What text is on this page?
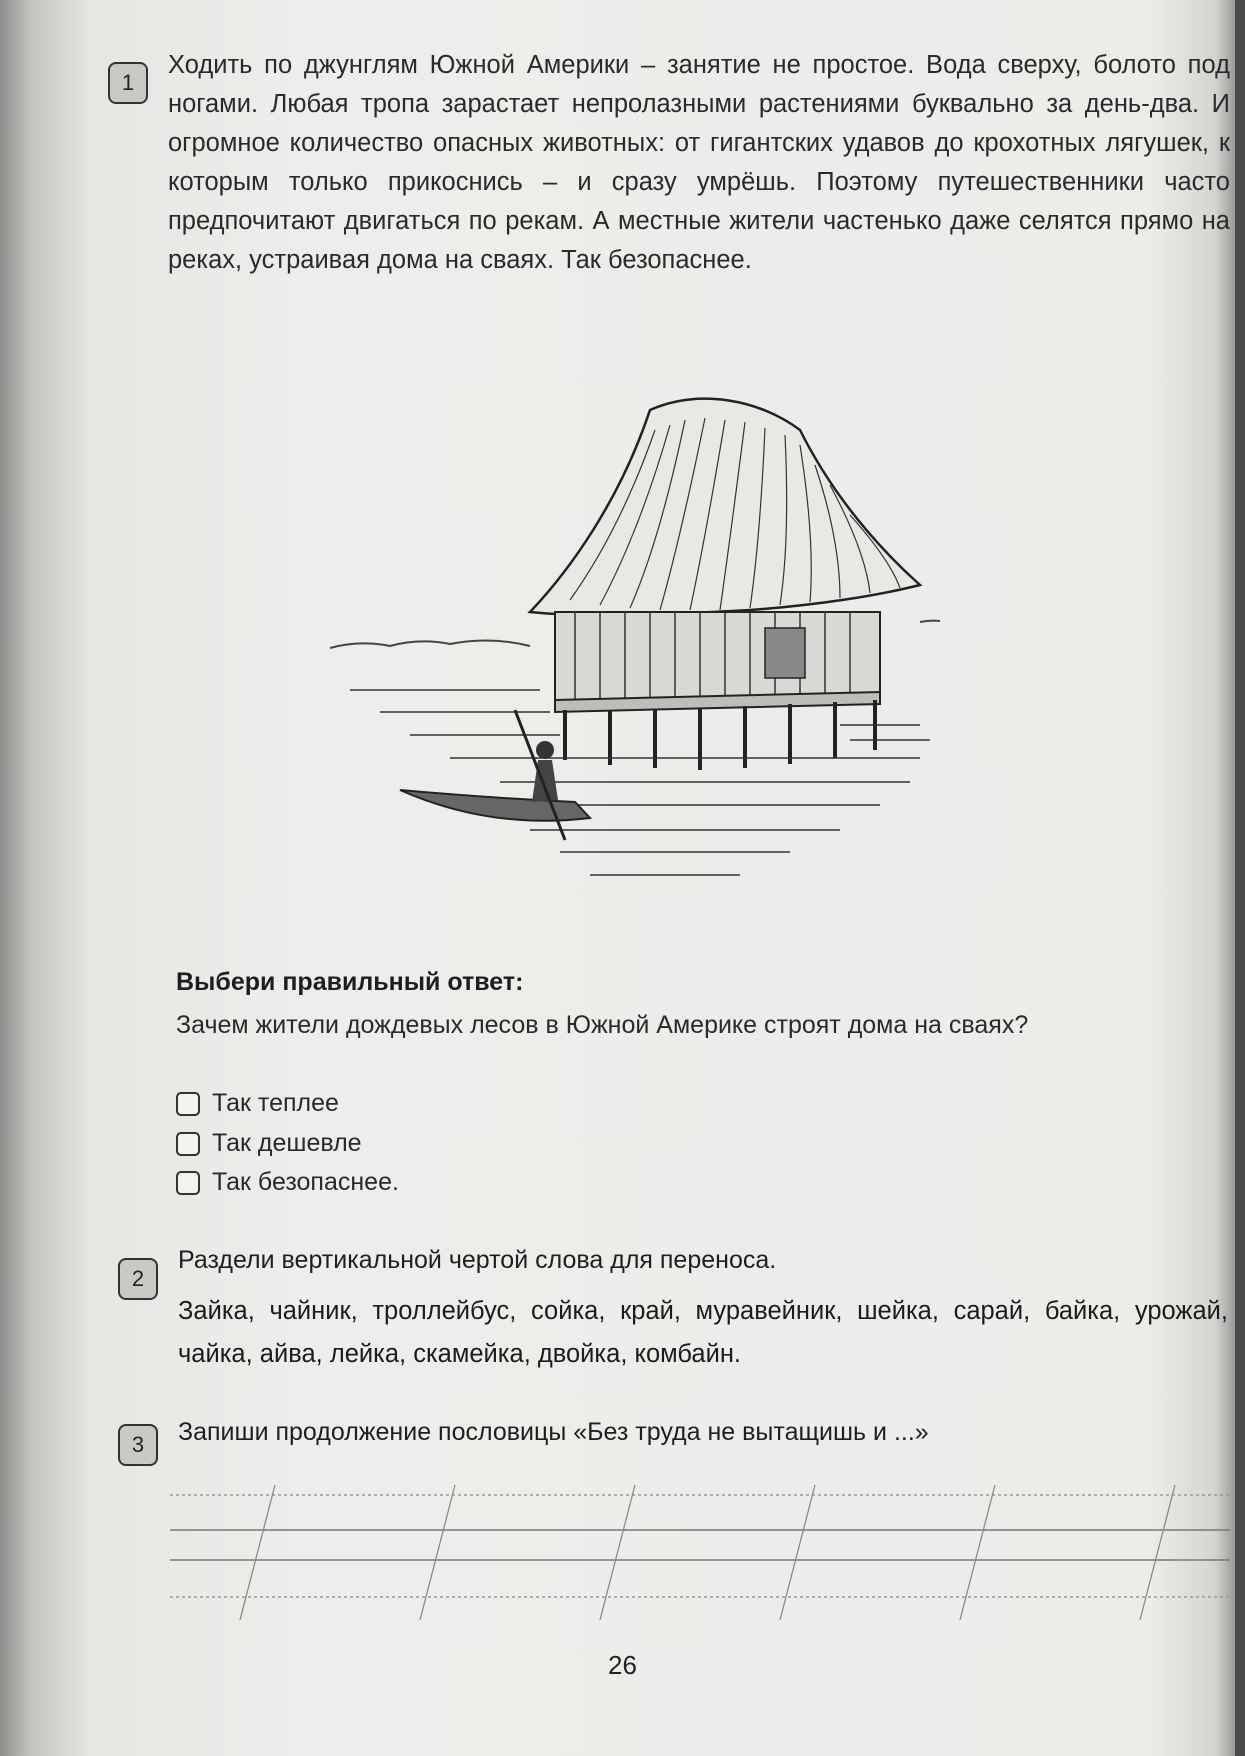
1
Ходить по джунглям Южной Америки – занятие не простое. Вода сверху, болото под ногами. Любая тропа зарастает непролазными растениями буквально за день-два. И огромное количество опасных животных: от гигантских удавов до крохотных лягушек, к которым только прикоснись – и сразу умрёшь. Поэтому путешественники часто предпочитают двигаться по рекам. А местные жители частенько даже селятся прямо на реках, устраивая дома на сваях. Так безопаснее.
Выбери правильный ответ:
Зачем жители дождевых лесов в Южной Америке строят дома на сваях?
Так теплее
Так дешевле
Так безопаснее.
2
Раздели вертикальной чертой слова для переноса.
Зайка, чайник, троллейбус, сойка, край, муравейник, шейка, сарай, байка, урожай, чайка, айва, лейка, скамейка, двойка, комбайн.
3 Запиши продолжение пословицы «Без труда не вытащишь и ...»
26
